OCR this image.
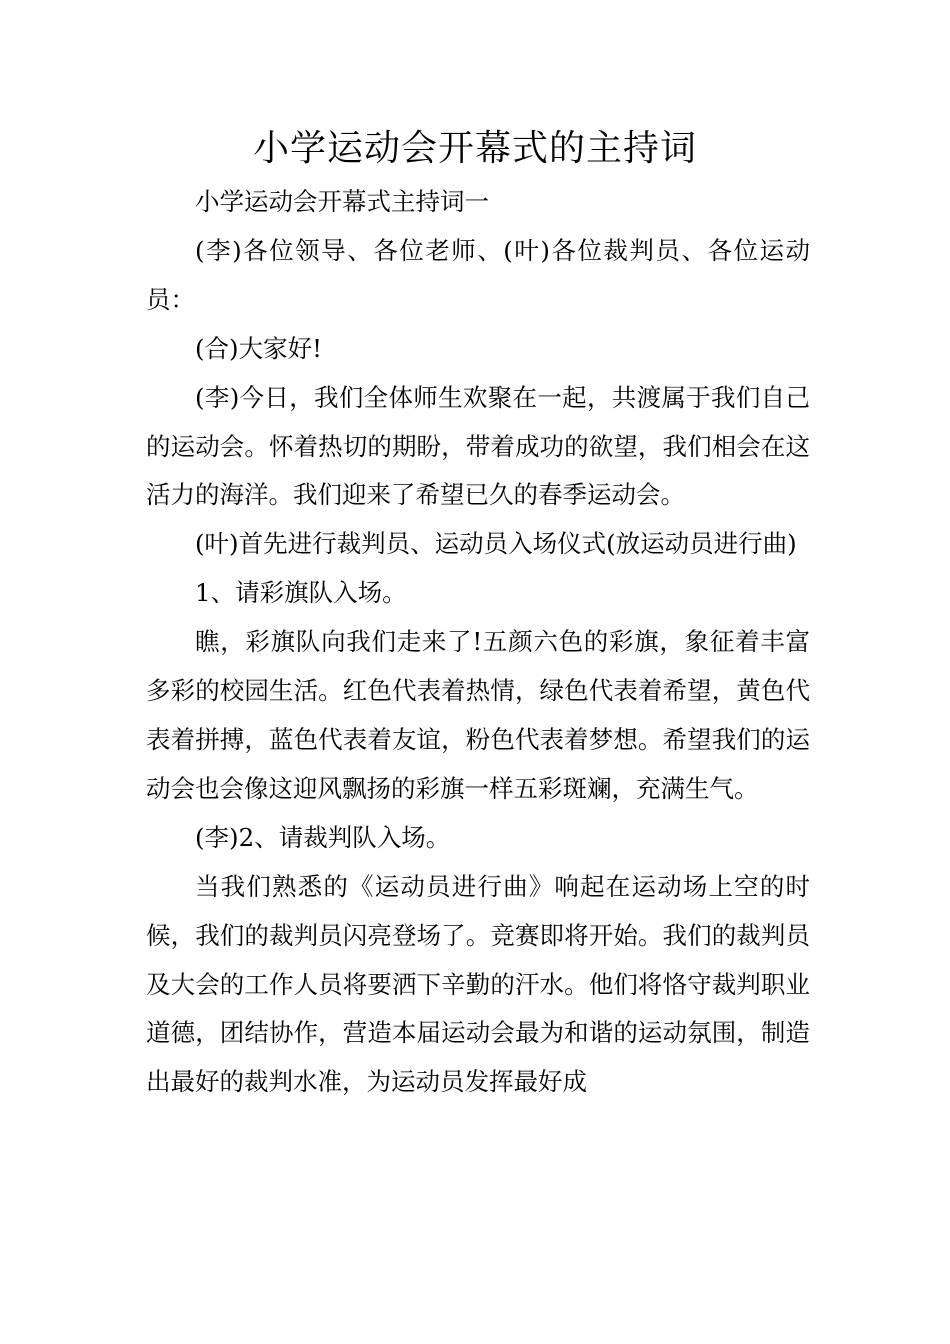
小学运动会开幕式的主持词

小学运动会开幕式主持词一

(李)各位领导、各位老师、(叶)各位裁判员、各位运动员：

(合)大家好!

(李)今日，我们全体师生欢聚在一起，共渡属于我们自己的运动会。怀着热切的期盼，带着成功的欲望，我们相会在这活力的海洋。我们迎来了希望已久的春季运动会。

(叶)首先进行裁判员、运动员入场仪式(放运动员进行曲)

1、请彩旗队入场。

瞧，彩旗队向我们走来了!五颜六色的彩旗，象征着丰富多彩的校园生活。红色代表着热情，绿色代表着希望，黄色代表着拼搏，蓝色代表着友谊，粉色代表着梦想。希望我们的运动会也会像这迎风飘扬的彩旗一样五彩斑斓，充满生气。

(李)2、请裁判队入场。

当我们熟悉的《运动员进行曲》响起在运动场上空的时候，我们的裁判员闪亮登场了。竞赛即将开始。我们的裁判员及大会的工作人员将要洒下辛勤的汗水。他们将恪守裁判职业道德，团结协作，营造本届运动会最为和谐的运动氛围，制造出最好的裁判水准，为运动员发挥最好成
